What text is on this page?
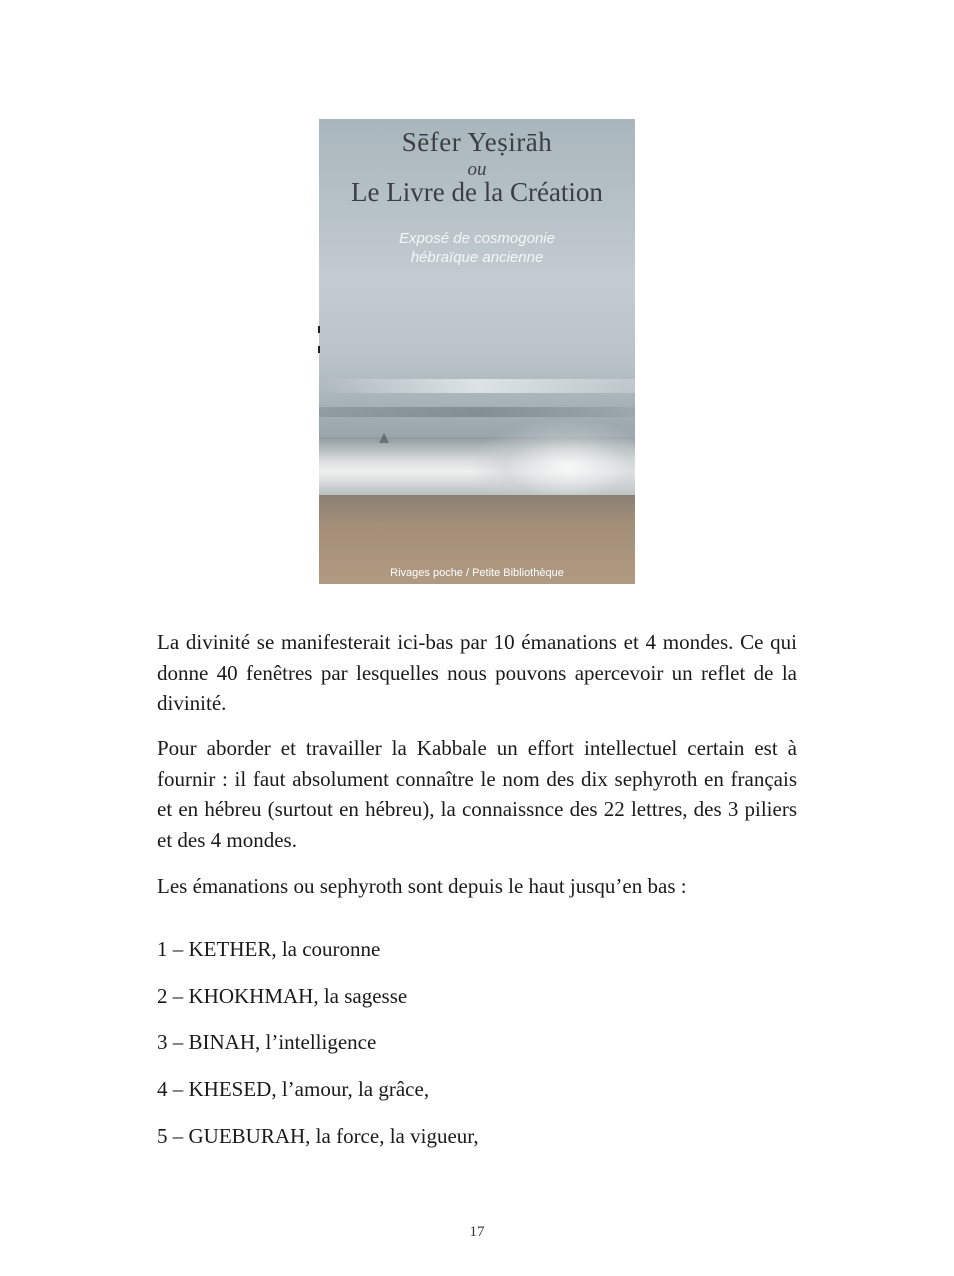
Sēfer Yeṣirāh
ou
Le Livre de la Création
Exposé de cosmogonie
hébraïque ancienne
Rivages poche / Petite Bibliothèque

La divinité se manifesterait ici-bas par 10 émanations et 4 mondes. Ce qui donne 40 fenêtres par lesquelles nous pouvons apercevoir un reflet de la divinité.

Pour aborder et travailler la Kabbale un effort intellectuel certain est à fournir : il faut absolument connaître le nom des dix sephyroth en français et en hébreu (surtout en hébreu), la connaissnce des 22 lettres, des 3 piliers et des 4 mondes.

Les émanations ou sephyroth sont depuis le haut jusqu’en bas :

1 – KETHER, la couronne

2 – KHOKHMAH, la sagesse

3 – BINAH, l’intelligence

4 – KHESED, l’amour, la grâce,

5 – GUEBURAH, la force, la vigueur,

17
